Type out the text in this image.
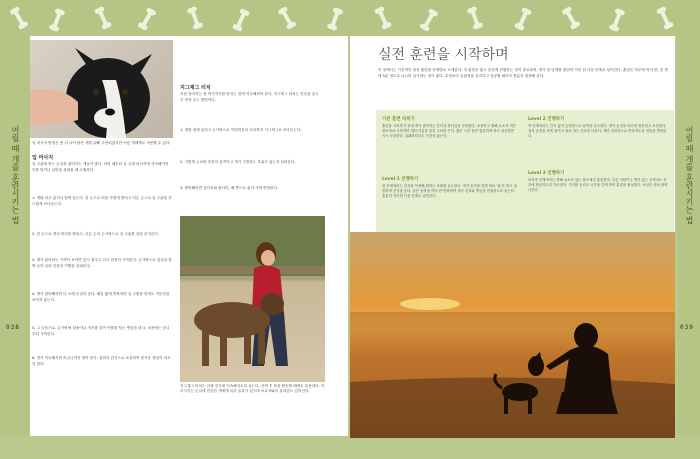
어릴 때 개를 훈련시키는 법
038
어릴 때 개를 훈련시키는 법
039
입 마사지 방법은 좀 더 나이 많은 개를 위해 고안되었지만 어린 개에게도 적용할 수 있다.
입 마사지
입 주위에 닿는 손길을 싫어하는 개들이 많다. 어릴 때부터 입 주변 마사지에 익숙해지면 이를 닦거나 입안을 살펴볼 때 수월하다.
1. 개와 마주 앉거나 옆에 앉는다. 한 손으로 턱을 가볍게 받치고 다른 손으로 입 주위를 부드럽게 쓰다듬는다.
2. 한 손으로 개의 머리를 받치고, 다른 손의 손가락으로 입 주위를 살살 문지른다.
3. 개가 싫어하는 기색이 보이면 잠시 멈추고 다시 천천히 시작한다. 손가락으로 입술을 살짝 들어 올려 잇몸과 이빨을 살펴본다.
4. 개가 편안해하면 더 오래 문질러 준다. 매일 짧게 반복하면 입 주변을 만져도 거부감을 보이지 않는다.
5. 그 다음으로, 손가락에 칫솔이나 거즈를 감아 이빨을 닦는 연습을 한다. 처음에는 앞니부터 시작한다.
6. 개가 익숙해지면 어금니까지 닦아 준다. 칭찬과 간식으로 보상하여 즐거운 경험이 되도록 한다.
지그재그 터치
어린 강아지는 몸 여기저기를 만지는 것에 익숙해져야 한다. 지그재그 터치는 전신을 골고루 만져 주는 방법이다.
1. 개를 옆에 앉히고 손가락으로 목덜미부터 꼬리까지 지그재그로 쓰다듬는다.
2. 가볍게 누르며 천천히 움직이고 개가 긴장하는 부위가 있는지 살펴본다.
3. 편안해하면 앞다리와 뒷다리, 배 쪽으로 옮겨 가며 반복한다.
지그재그 터치는 신체 검사에 익숙해지도록 돕는다. 산책 후 몸을 확인할 때에도 유용하다. 이 마사지는 손길에 민감한 개에게 특히 효과가 있으며 보호자와의 유대감도 깊어진다.
실전 훈련을 시작하며
이 장에서는 기본적인 복종 훈련을 단계별로 소개한다. 각 훈련은 짧고 즐겁게 진행하는 것이 중요하며, 개가 한 단계를 완전히 익힌 뒤 다음 단계로 넘어간다. 훈련은 하루에 여러 번, 한 번에 5분 정도로 나누어 실시하는 것이 좋다. 무엇보다 일관성을 유지하고 성공할 때마다 충분히 칭찬해 준다.
기본 훈련 익히기
훈련을 시작하기 전에 개가 좋아하는 간식과 장난감을 준비한다. 조용하고 방해 요소가 적은 장소에서 시작하며 개의 이름을 불러 주의를 끈다. 짧은 시간 동안 집중하게 하고 성공하면 즉시 보상한다. 실패하더라도 꾸짖지 않는다.
Level 1 진행하기
첫 단계에서는 간식을 이용해 원하는 자세를 유도한다. 개가 동작을 하면 바로 '옳지' 하고 칭찬하며 간식을 준다. 같은 동작을 여러 번 반복하여 개가 신호와 행동을 연결하도록 돕는다. 충분히 익히면 다음 단계로 넘어간다.
Level 2 진행하기
이 단계에서는 간식 없이 손짓만으로 동작을 유도한다. 개가 손짓을 따르면 칭찬하고 보상한다. 점차 손짓을 작게 줄이고 말로 하는 신호를 더한다. 개가 신호만으로 반응하도록 연습을 반복한다.
Level 3 진행하기
마지막 단계에서는 방해 요소가 있는 장소에서 훈련한다. 다른 사람이나 개가 있는 곳에서도 신호에 반응하도록 가르친다. 거리를 늘리고 시간을 길게 하여 훈련을 완성한다. 보상은 점차 줄여 나간다.
